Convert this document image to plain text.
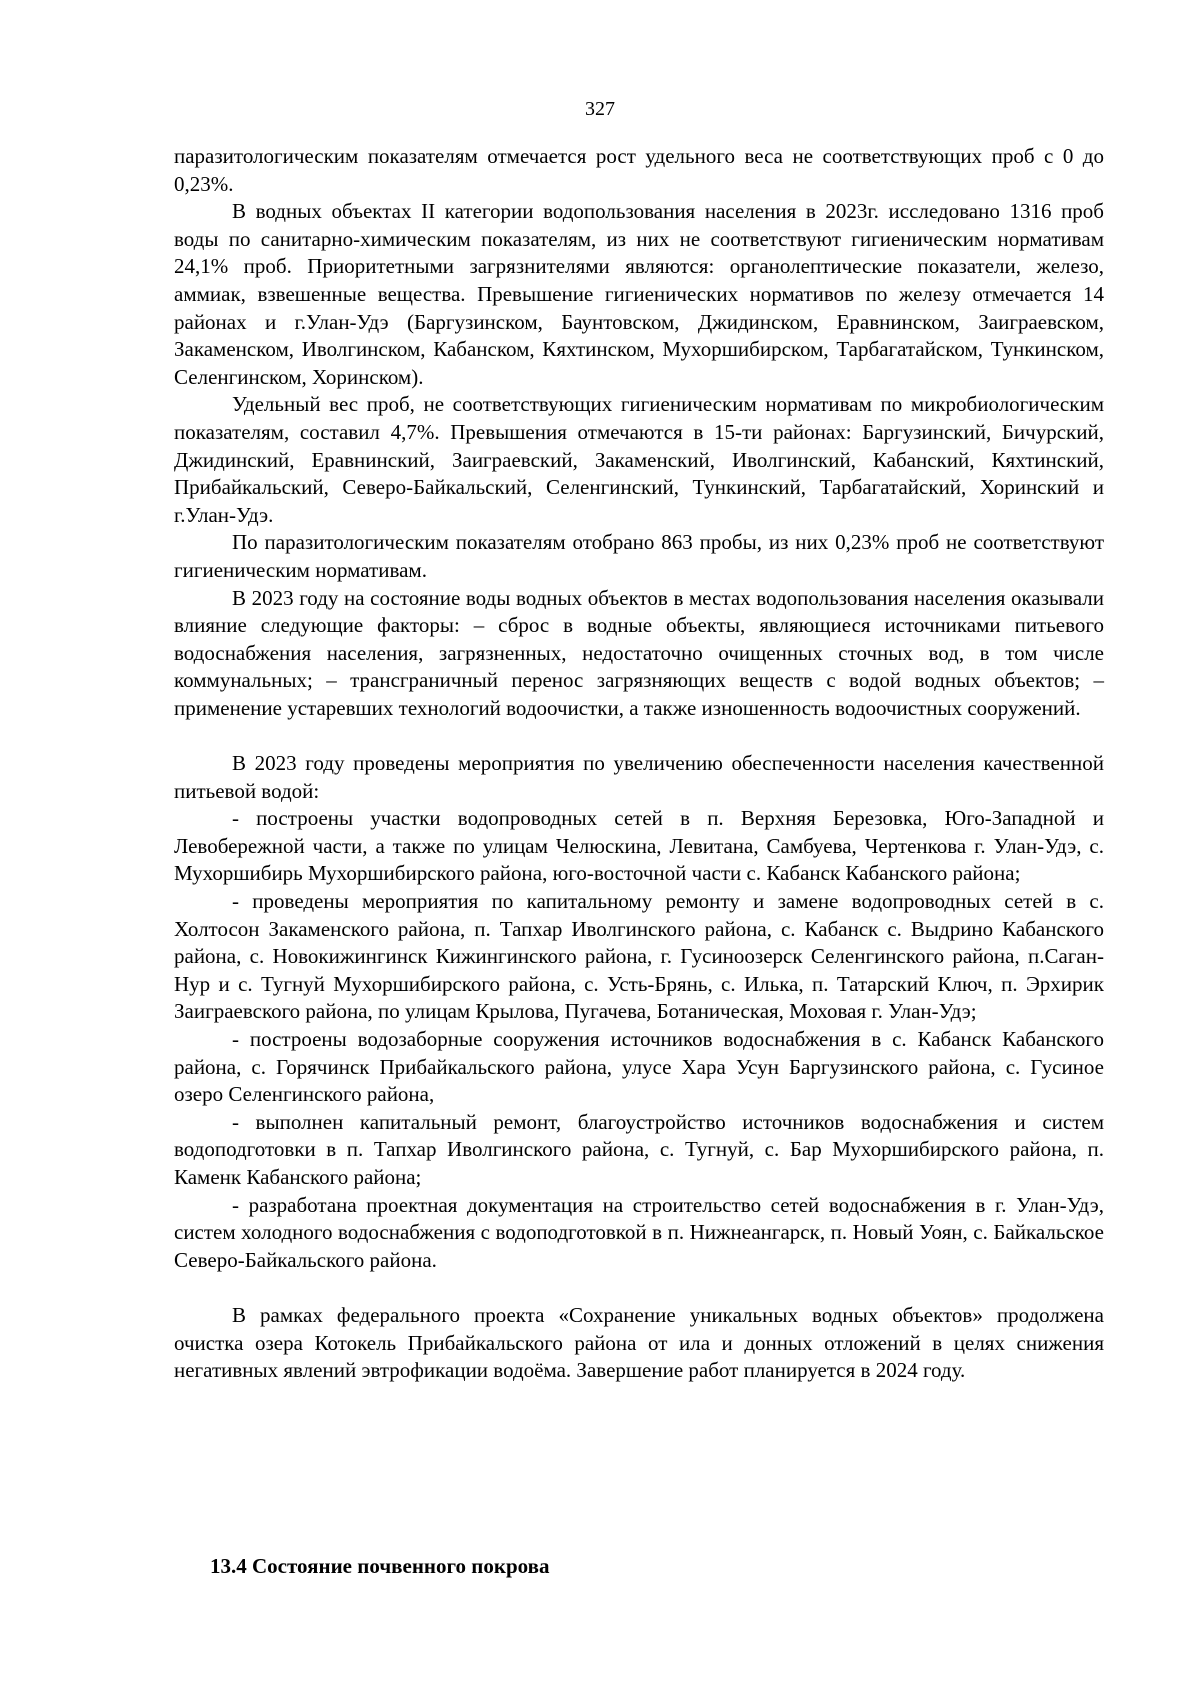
327

паразитологическим показателям отмечается рост удельного веса не соответствующих проб с 0 до 0,23%.

В водных объектах II категории водопользования населения в 2023г. исследовано 1316 проб воды по санитарно-химическим показателям, из них не соответствуют гигиеническим нормативам 24,1% проб. Приоритетными загрязнителями являются: органолептические показатели, железо, аммиак, взвешенные вещества. Превышение гигиенических нормативов по железу отмечается 14 районах и г.Улан-Удэ (Баргузинском, Баунтовском, Джидинском, Еравнинском, Заиграевском, Закаменском, Иволгинском, Кабанском, Кяхтинском, Мухоршибирском, Тарбагатайском, Тункинском, Селенгинском, Хоринском).

Удельный вес проб, не соответствующих гигиеническим нормативам по микробиологическим показателям, составил 4,7%. Превышения отмечаются в 15-ти районах: Баргузинский, Бичурский, Джидинский, Еравнинский, Заиграевский, Закаменский, Иволгинский, Кабанский, Кяхтинский, Прибайкальский, Северо-Байкальский, Селенгинский, Тункинский, Тарбагатайский, Хоринский и г.Улан-Удэ.

По паразитологическим показателям отобрано 863 пробы, из них 0,23% проб не соответствуют гигиеническим нормативам.

В 2023 году на состояние воды водных объектов в местах водопользования населения оказывали влияние следующие факторы: – сброс в водные объекты, являющиеся источниками питьевого водоснабжения населения, загрязненных, недостаточно очищенных сточных вод, в том числе коммунальных; – трансграничный перенос загрязняющих веществ с водой водных объектов; – применение устаревших технологий водоочистки, а также изношенность водоочистных сооружений.

В 2023 году проведены мероприятия по увеличению обеспеченности населения качественной питьевой водой:

- построены участки водопроводных сетей в п. Верхняя Березовка, Юго-Западной и Левобережной части, а также по улицам Челюскина, Левитана, Самбуева, Чертенкова г. Улан-Удэ, с. Мухоршибирь Мухоршибирского района, юго-восточной части с. Кабанск Кабанского района;

- проведены мероприятия по капитальному ремонту и замене водопроводных сетей в с. Холтосон Закаменского района, п. Тапхар Иволгинского района, с. Кабанск с. Выдрино Кабанского района, с. Новокижингинск Кижингинского района, г. Гусиноозерск Селенгинского района, п.Саган-Нур и с. Тугнуй Мухоршибирского района, с. Усть-Брянь, с. Илька, п. Татарский Ключ, п. Эрхирик Заиграевского района, по улицам Крылова, Пугачева, Ботаническая, Моховая г. Улан-Удэ;

- построены водозаборные сооружения источников водоснабжения в с. Кабанск Кабанского района, с. Горячинск Прибайкальского района, улусе Хара Усун Баргузинского района, с. Гусиное озеро Селенгинского района,

- выполнен капитальный ремонт, благоустройство источников водоснабжения и систем водоподготовки в п. Тапхар Иволгинского района, с. Тугнуй, с. Бар Мухоршибирского района, п. Каменк Кабанского района;

- разработана проектная документация на строительство сетей водоснабжения в г. Улан-Удэ, систем холодного водоснабжения с водоподготовкой в п. Нижнеангарск, п. Новый Уоян, с. Байкальское Северо-Байкальского района.

В рамках федерального проекта «Сохранение уникальных водных объектов» продолжена очистка озера Котокель Прибайкальского района от ила и донных отложений в целях снижения негативных явлений эвтрофикации водоёма. Завершение работ планируется в 2024 году.

13.4 Состояние почвенного покрова
